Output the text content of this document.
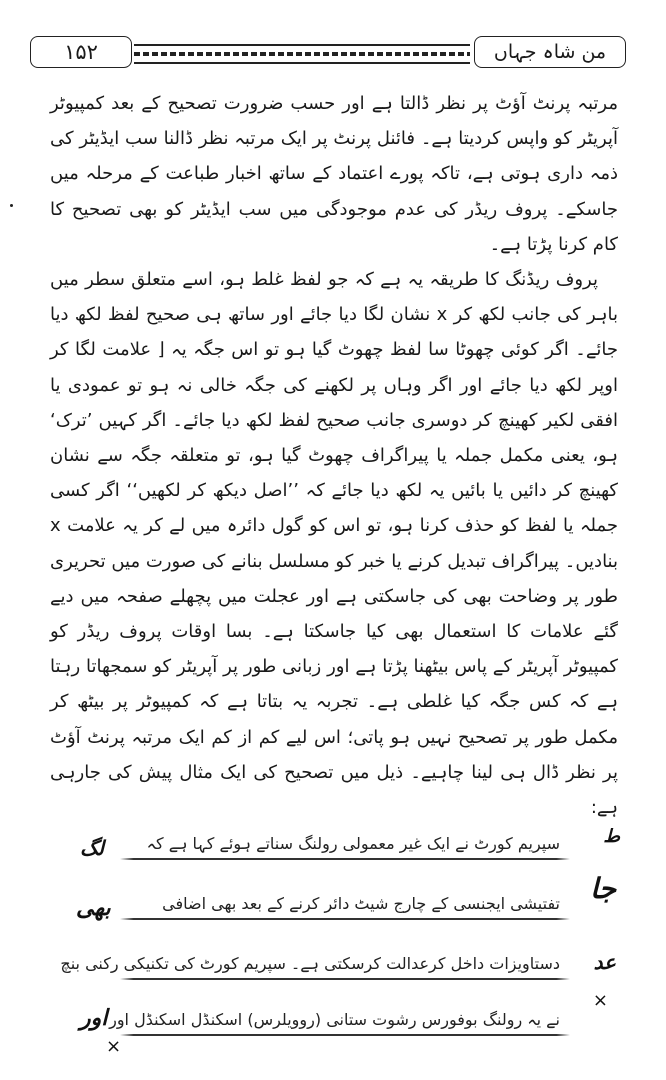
۱۵۲	من شاہ جہاں

مرتبہ پرنٹ آؤٹ پر نظر ڈالتا ہے اور حسب ضرورت تصحیح کے بعد کمپیوٹر آپریٹر کو واپس کردیتا ہے۔ فائنل پرنٹ پر ایک مرتبہ نظر ڈالنا سب ایڈیٹر کی ذمہ داری ہوتی ہے، تاکہ پورے اعتماد کے ساتھ اخبار طباعت کے مرحلہ میں جاسکے۔ پروف ریڈر کی عدم موجودگی میں سب ایڈیٹر کو بھی تصحیح کا کام کرنا پڑتا ہے۔

پروف ریڈنگ کا طریقہ یہ ہے کہ جو لفظ غلط ہو، اسے متعلق سطر میں باہر کی جانب لکھ کر x نشان لگا دیا جائے اور ساتھ ہی صحیح لفظ لکھ دیا جائے۔ اگر کوئی چھوٹا سا لفظ چھوٹ گیا ہو تو اس جگہ یہ ⌊ علامت لگا کر اوپر لکھ دیا جائے اور اگر وہاں پر لکھنے کی جگہ خالی نہ ہو تو عمودی یا افقی لکیر کھینچ کر دوسری جانب صحیح لفظ لکھ دیا جائے۔ اگر کہیں ’ترک‘ ہو، یعنی مکمل جملہ یا پیراگراف چھوٹ گیا ہو، تو متعلقہ جگہ سے نشان کھینچ کر دائیں یا بائیں یہ لکھ دیا جائے کہ ’’اصل دیکھ کر لکھیں‘‘ اگر کسی جملہ یا لفظ کو حذف کرنا ہو، تو اس کو گول دائرہ میں لے کر یہ علامت x بنادیں۔ پیراگراف تبدیل کرنے یا خبر کو مسلسل بنانے کی صورت میں تحریری طور پر وضاحت بھی کی جاسکتی ہے اور عجلت میں پچھلے صفحہ میں دیے گئے علامات کا استعمال بھی کیا جاسکتا ہے۔ بسا اوقات پروف ریڈر کو کمپیوٹر آپریٹر کے پاس بیٹھنا پڑتا ہے اور زبانی طور پر آپریٹر کو سمجھاتا رہتا ہے کہ کس جگہ کیا غلطی ہے۔ تجربہ یہ بتاتا ہے کہ کمپیوٹر پر بیٹھ کر مکمل طور پر تصحیح نہیں ہو پاتی؛ اس لیے کم از کم ایک مرتبہ پرنٹ آؤٹ پر نظر ڈال ہی لینا چاہیے۔ ذیل میں تصحیح کی ایک مثال پیش کی جارہی ہے:

سپریم کورٹ نے ایک غیر معمولی رولنگ سناتے ہوئے کہا ہے کہ ط
لگ
تفتیشی ایجنسی کے چارج شیٹ دائر کرنے کے بعد بھی اضافی جا
بھی
دستاویزات داخل کرعدالت کرسکتی ہے۔ سپریم کورٹ کی تکنیکی رکنی بنچ عد
×
نے یہ رولنگ بوفورس رشوت ستانی (روویلرس) اسکنڈل اسکنڈل اور
اور
×
